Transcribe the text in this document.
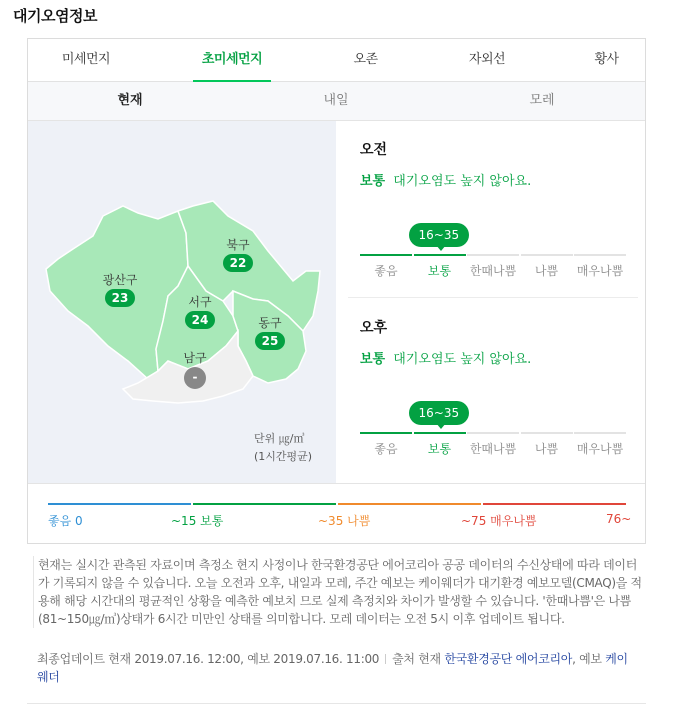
대기오염정보
미세먼지	초미세먼지	오존	자외선	황사
현재	내일	모레
광산구
23
북구
22
서구
24	동구
25
남구
-
단위 ㎍/㎥
(1시간평균)
오전
보통 대기오염도 높지 않아요.
좋음	보통	한때나쁨	나쁨	매우나쁨
16~35
오후
보통 대기오염도 높지 않아요.
좋음	보통	한때나쁨	나쁨	매우나쁨
16~35
좋음 0	~15 보통	~35 나쁨	~75 매우나쁨	76~
현재는 실시간 관측된 자료이며 측정소 현지 사정이나 한국환경공단 에어코리아 공공 데이터의 수신상태에 따라 데이터가 기록되지 않을 수 있습니다. 오늘 오전과 오후, 내일과 모레, 주간 예보는 케이웨더가 대기환경 예보모델(CMAQ)을 적용해 해당 시간대의 평균적인 상황을 예측한 예보치 므로 실제 측정치와 차이가 발생할 수 있습니다. '한때나쁨'은 나쁨(81~150㎍/㎥)상태가 6시간 미만인 상태를 의미합니다. 모레 데이터는 오전 5시 이후 업데이트 됩니다.
최종업데이트 현재 2019.07.16. 12:00, 예보 2019.07.16. 11:00 출처 현재 한국환경공단 에어코리아, 예보 케이웨더
